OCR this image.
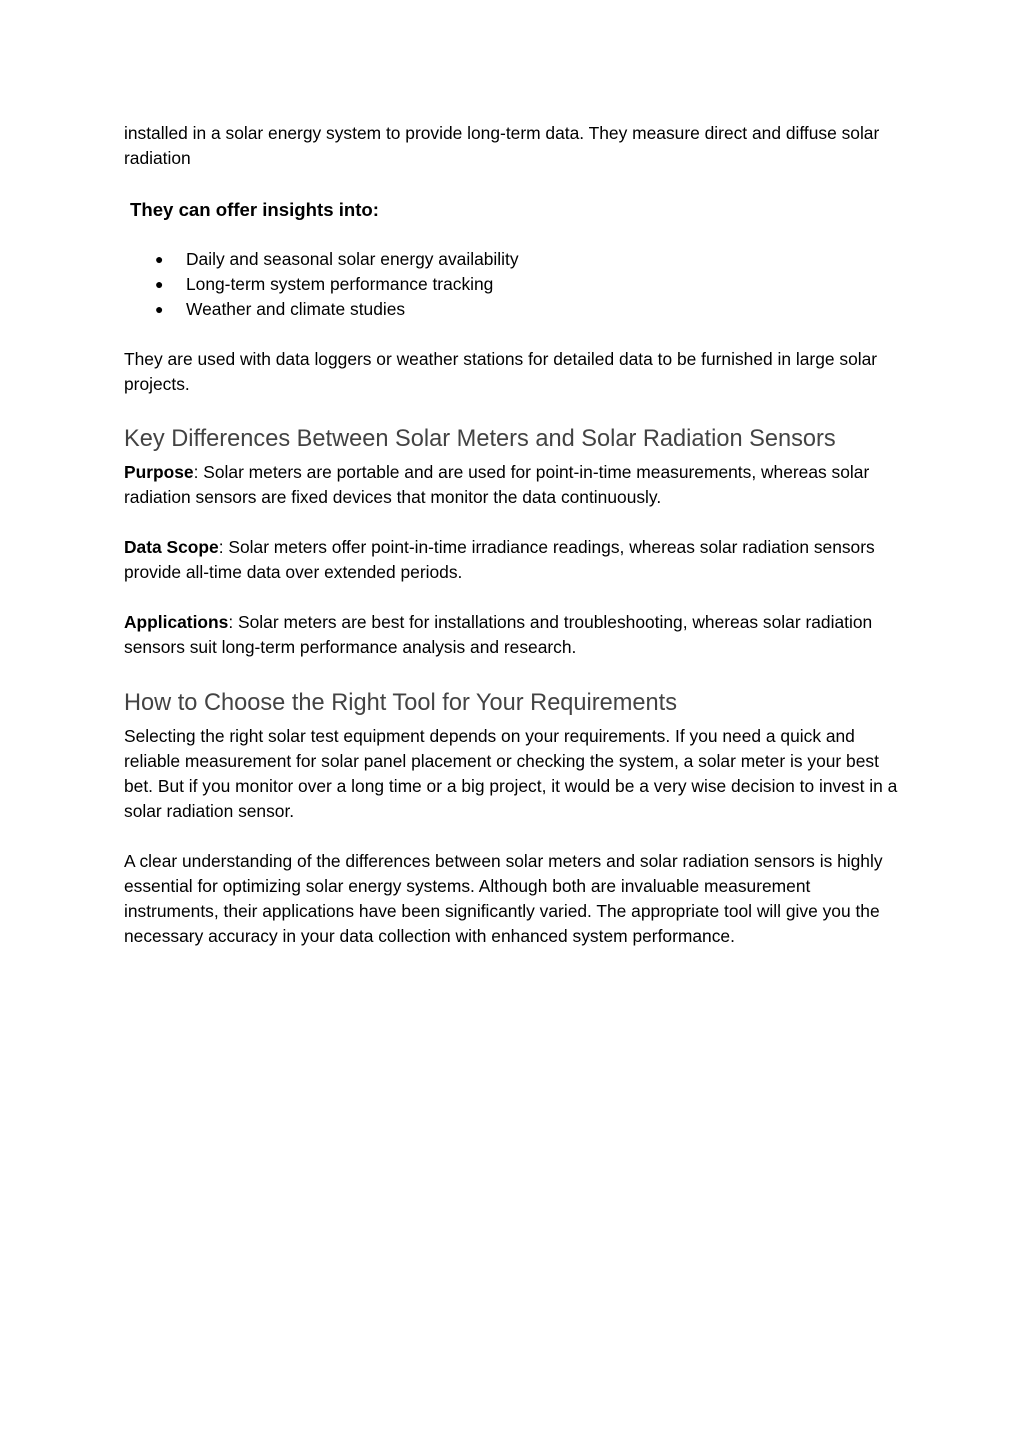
installed in a solar energy system to provide long-term data. They measure direct and diffuse solar radiation

They can offer insights into:

● Daily and seasonal solar energy availability
● Long-term system performance tracking
● Weather and climate studies

They are used with data loggers or weather stations for detailed data to be furnished in large solar projects.

Key Differences Between Solar Meters and Solar Radiation Sensors

Purpose: Solar meters are portable and are used for point-in-time measurements, whereas solar radiation sensors are fixed devices that monitor the data continuously.

Data Scope: Solar meters offer point-in-time irradiance readings, whereas solar radiation sensors provide all-time data over extended periods.

Applications: Solar meters are best for installations and troubleshooting, whereas solar radiation sensors suit long-term performance analysis and research.

How to Choose the Right Tool for Your Requirements

Selecting the right solar test equipment depends on your requirements. If you need a quick and reliable measurement for solar panel placement or checking the system, a solar meter is your best bet. But if you monitor over a long time or a big project, it would be a very wise decision to invest in a solar radiation sensor.

A clear understanding of the differences between solar meters and solar radiation sensors is highly essential for optimizing solar energy systems. Although both are invaluable measurement instruments, their applications have been significantly varied. The appropriate tool will give you the necessary accuracy in your data collection with enhanced system performance.
